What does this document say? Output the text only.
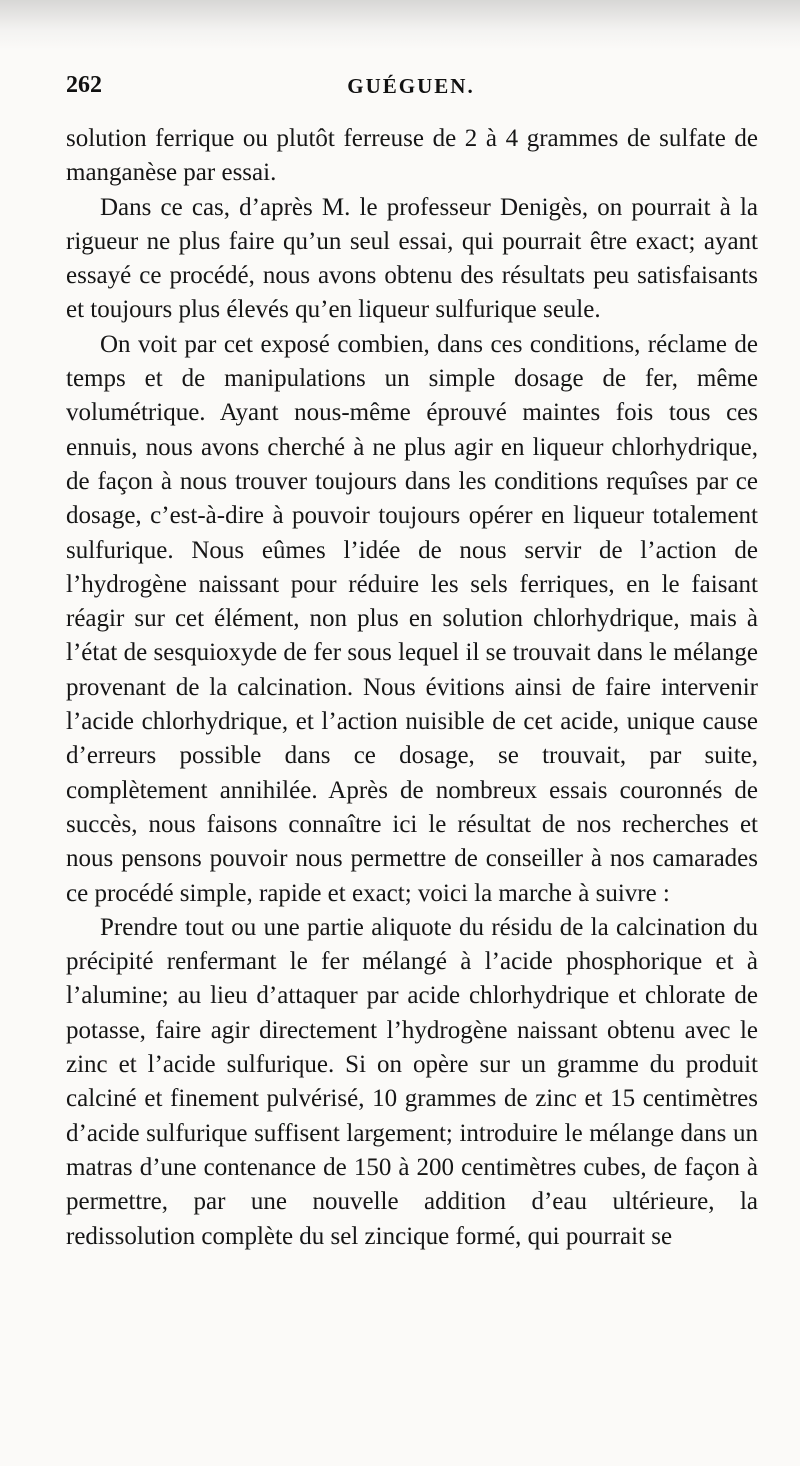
262	GUÉGUEN.

solution ferrique ou plutôt ferreuse de 2 à 4 grammes de sulfate de manganèse par essai.

Dans ce cas, d’après M. le professeur Denigès, on pourrait à la rigueur ne plus faire qu’un seul essai, qui pourrait être exact; ayant essayé ce procédé, nous avons obtenu des résultats peu satisfaisants et toujours plus élevés qu’en liqueur sulfurique seule.

On voit par cet exposé combien, dans ces conditions, réclame de temps et de manipulations un simple dosage de fer, même volumétrique. Ayant nous-même éprouvé maintes fois tous ces ennuis, nous avons cherché à ne plus agir en liqueur chlorhydrique, de façon à nous trouver toujours dans les conditions requîses par ce dosage, c’est-à-dire à pouvoir toujours opérer en liqueur totalement sulfurique. Nous eûmes l’idée de nous servir de l’action de l’hydrogène naissant pour réduire les sels ferriques, en le faisant réagir sur cet élément, non plus en solution chlorhydrique, mais à l’état de sesquioxyde de fer sous lequel il se trouvait dans le mélange provenant de la calcination. Nous évitions ainsi de faire intervenir l’acide chlorhydrique, et l’action nuisible de cet acide, unique cause d’erreurs possible dans ce dosage, se trouvait, par suite, complètement annihilée. Après de nombreux essais couronnés de succès, nous faisons connaître ici le résultat de nos recherches et nous pensons pouvoir nous permettre de conseiller à nos camarades ce procédé simple, rapide et exact; voici la marche à suivre :

Prendre tout ou une partie aliquote du résidu de la calcination du précipité renfermant le fer mélangé à l’acide phosphorique et à l’alumine; au lieu d’attaquer par acide chlorhydrique et chlorate de potasse, faire agir directement l’hydrogène naissant obtenu avec le zinc et l’acide sulfurique. Si on opère sur un gramme du produit calciné et finement pulvérisé, 10 grammes de zinc et 15 centimètres d’acide sulfurique suffisent largement; introduire le mélange dans un matras d’une contenance de 150 à 200 centimètres cubes, de façon à permettre, par une nouvelle addition d’eau ultérieure, la redissolution complète du sel zincique formé, qui pourrait se
